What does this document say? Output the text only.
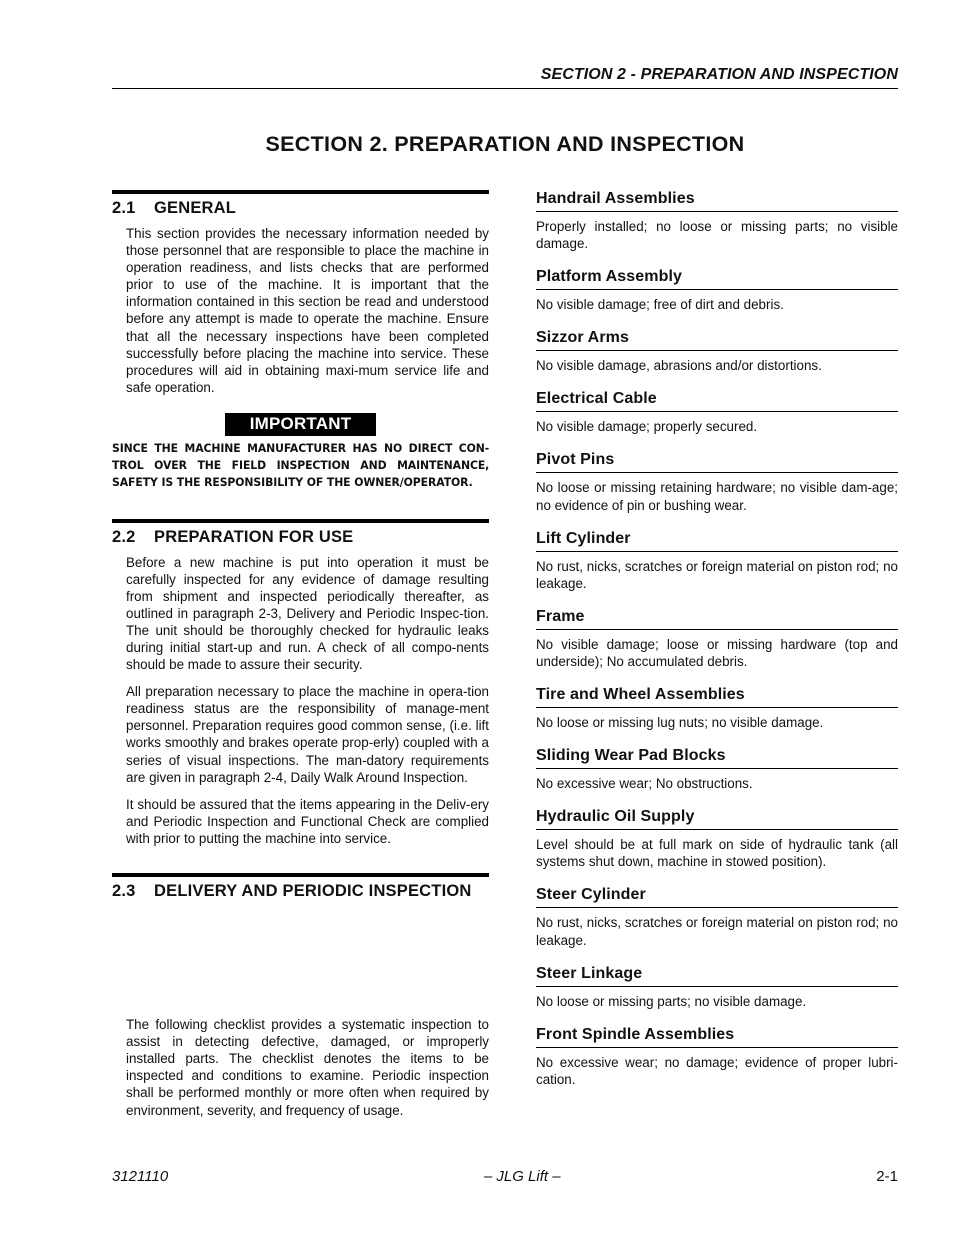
SECTION 2 - PREPARATION AND INSPECTION
SECTION 2. PREPARATION AND INSPECTION
2.1	GENERAL

This section provides the necessary information needed by those personnel that are responsible to place the machine in operation readiness, and lists checks that are performed prior to use of the machine. It is important that the information contained in this section be read and understood before any attempt is made to operate the machine. Ensure that all the necessary inspections have been completed successfully before placing the machine into service. These procedures will aid in obtaining maxi-mum service life and safe operation.

IMPORTANT
SINCE THE MACHINE MANUFACTURER HAS NO DIRECT CON-TROL OVER THE FIELD INSPECTION AND MAINTENANCE, SAFETY IS THE RESPONSIBILITY OF THE OWNER/OPERATOR.
2.2	PREPARATION FOR USE

Before a new machine is put into operation it must be carefully inspected for any evidence of damage resulting from shipment and inspected periodically thereafter, as outlined in paragraph 2-3, Delivery and Periodic Inspec-tion. The unit should be thoroughly checked for hydraulic leaks during initial start-up and run. A check of all compo-nents should be made to assure their security.

All preparation necessary to place the machine in opera-tion readiness status are the responsibility of manage-ment personnel. Preparation requires good common sense, (i.e. lift works smoothly and brakes operate prop-erly) coupled with a series of visual inspections. The man-datory requirements are given in paragraph 2-4, Daily Walk Around Inspection.

It should be assured that the items appearing in the Deliv-ery and Periodic Inspection and Functional Check are complied with prior to putting the machine into service.

2.3	DELIVERY AND PERIODIC INSPECTION

The following checklist provides a systematic inspection to assist in detecting defective, damaged, or improperly installed parts. The checklist denotes the items to be inspected and conditions to examine. Periodic inspection shall be performed monthly or more often when required by environment, severity, and frequency of usage.

Handrail Assemblies
Properly installed; no loose or missing parts; no visible damage.
Platform Assembly
No visible damage; free of dirt and debris.
Sizzor Arms
No visible damage, abrasions and/or distortions.
Electrical Cable
No visible damage; properly secured.
Pivot Pins
No loose or missing retaining hardware; no visible dam-age; no evidence of pin or bushing wear.
Lift Cylinder
No rust, nicks, scratches or foreign material on piston rod; no leakage.
Frame
No visible damage; loose or missing hardware (top and underside); No accumulated debris.
Tire and Wheel Assemblies
No loose or missing lug nuts; no visible damage.
Sliding Wear Pad Blocks
No excessive wear; No obstructions.
Hydraulic Oil Supply
Level should be at full mark on side of hydraulic tank (all systems shut down, machine in stowed position).
Steer Cylinder
No rust, nicks, scratches or foreign material on piston rod; no leakage.
Steer Linkage
No loose or missing parts; no visible damage.
Front Spindle Assemblies
No excessive wear; no damage; evidence of proper lubri-cation.
3121110	– JLG Lift –	2-1
